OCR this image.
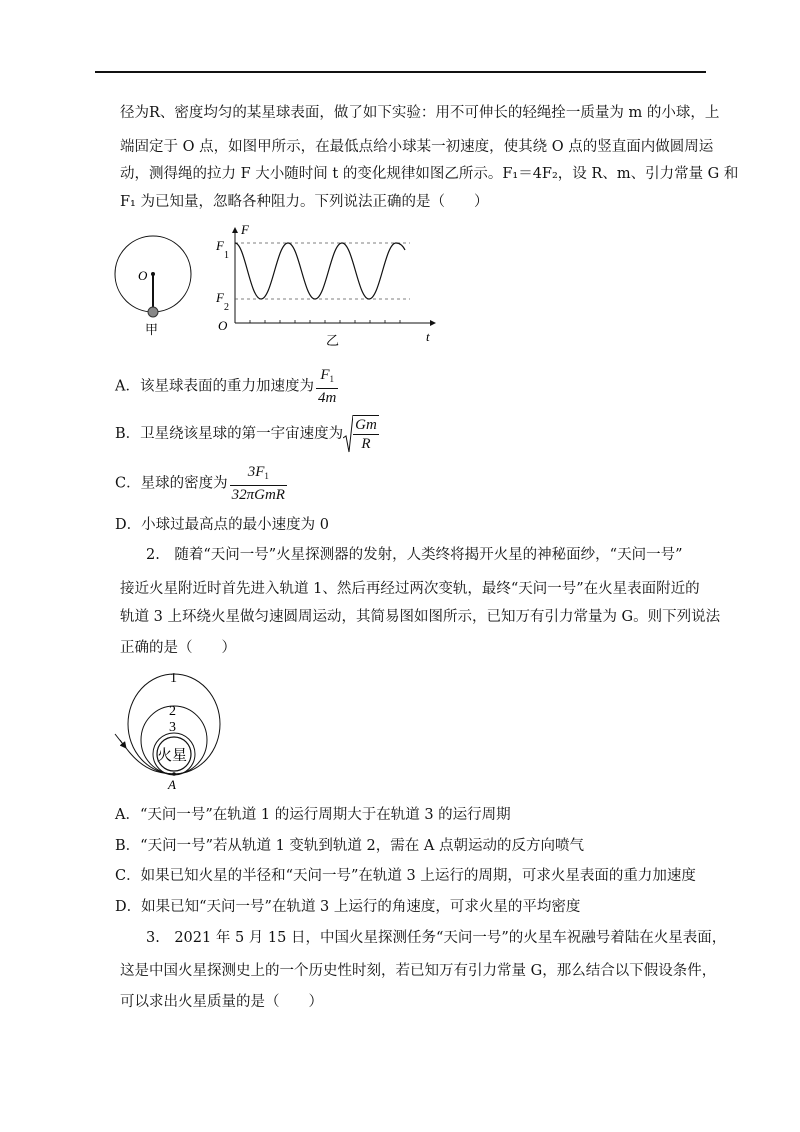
径为R、密度均匀的某星球表面，做了如下实验：用不可伸长的轻绳拴一质量为 m 的小球，上
端固定于 O 点，如图甲所示，在最低点给小球某一初速度，使其绕 O 点的竖直面内做圆周运
动，测得绳的拉力 F 大小随时间 t 的变化规律如图乙所示。F₁＝4F₂，设 R、m、引力常量 G 和
F₁ 为已知量，忽略各种阻力。下列说法正确的是（　　）
O
甲
F
t
F
1
F
2
O
乙
A．该星球表面的重力加速度为 $\frac{F_1}{4m}$
B．卫星绕该星球的第一宇宙速度为 $\frac{Gm}{R}$
C．星球的密度为 $\frac{3F_1}{\text{32πGmR}}$
D．小球过最高点的最小速度为 0
2.　随着“天问一号”火星探测器的发射，人类终将揭开火星的神秘面纱，“天问一号”
接近火星附近时首先进入轨道 1、然后再经过两次变轨，最终“天问一号”在火星表面附近的
轨道 3 上环绕火星做匀速圆周运动，其简易图如图所示，已知万有引力常量为 G。则下列说法
正确的是（　　）
1
2
3
火星
A
A．“天问一号”在轨道 1 的运行周期大于在轨道 3 的运行周期
B．“天问一号”若从轨道 1 变轨到轨道 2，需在 A 点朝运动的反方向喷气
C．如果已知火星的半径和“天问一号”在轨道 3 上运行的周期，可求火星表面的重力加速度
D．如果已知“天问一号”在轨道 3 上运行的角速度，可求火星的平均密度
3.　2021 年 5 月 15 日，中国火星探测任务“天问一号”的火星车祝融号着陆在火星表面，
这是中国火星探测史上的一个历史性时刻，若已知万有引力常量 G，那么结合以下假设条件，
可以求出火星质量的是（　　）
